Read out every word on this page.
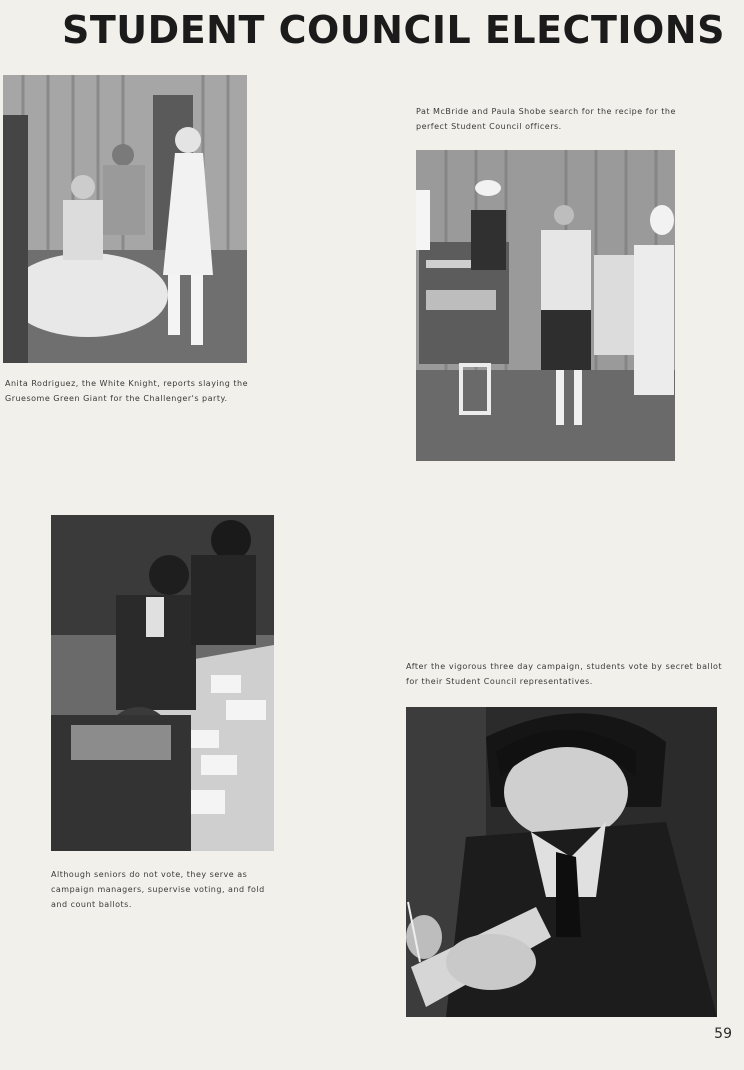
STUDENT COUNCIL ELECTIONS
Anita Rodriguez, the White Knight, reports slaying the Gruesome Green Giant for the Challenger's party.
Pat McBride and Paula Shobe search for the recipe for the perfect Student Council officers.
Although seniors do not vote, they serve as campaign managers, supervise voting, and fold and count ballots.
After the vigorous three day campaign, students vote by secret ballot for their Student Council representatives.
59
